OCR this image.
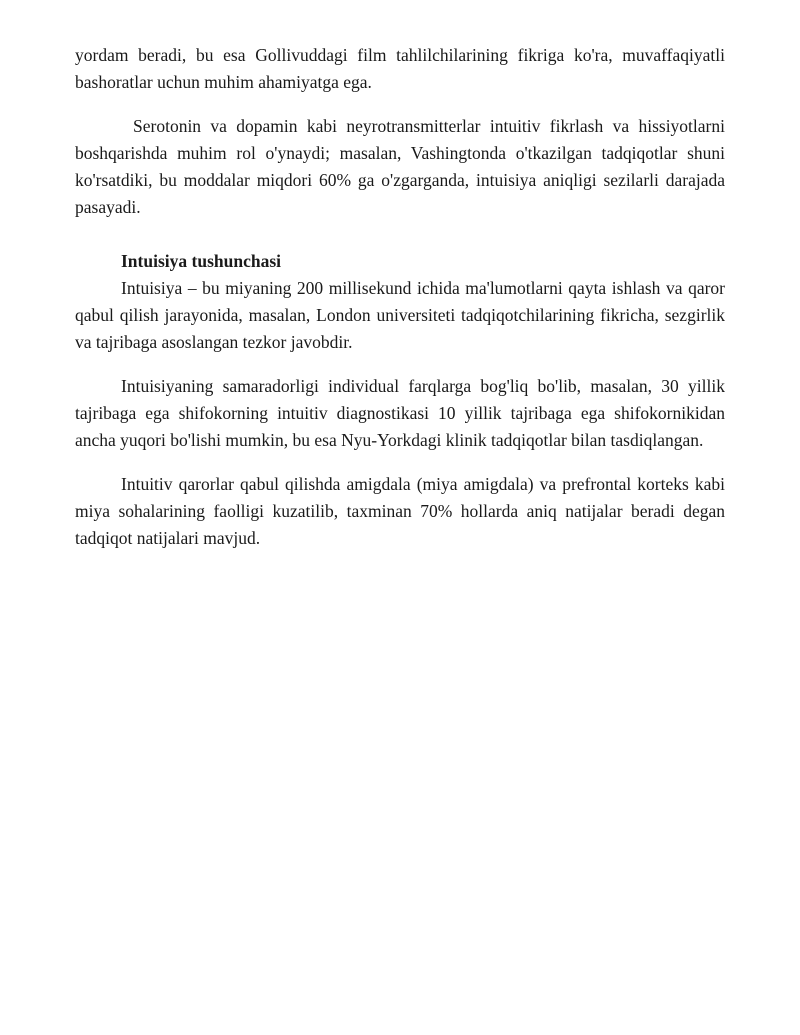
yordam beradi, bu esa Gollivuddagi film tahlilchilarining fikriga ko'ra, muvaffaqiyatli bashoratlar uchun muhim ahamiyatga ega.

Serotonin va dopamin kabi neyrotransmitterlar intuitiv fikrlash va hissiyotlarni boshqarishda muhim rol o'ynaydi; masalan, Vashingtonda o'tkazilgan tadqiqotlar shuni ko'rsatdiki, bu moddalar miqdori 60% ga o'zgarganda, intuisiya aniqligi sezilarli darajada pasayadi.

Intuisiya tushunchasi

Intuisiya – bu miyaning 200 millisekund ichida ma'lumotlarni qayta ishlash va qaror qabul qilish jarayonida, masalan, London universiteti tadqiqotchilarining fikricha, sezgirlik va tajribaga asoslangan tezkor javobdir.

Intuisiyaning samaradorligi individual farqlarga bog'liq bo'lib, masalan, 30 yillik tajribaga ega shifokorning intuitiv diagnostikasi 10 yillik tajribaga ega shifokornikidan ancha yuqori bo'lishi mumkin, bu esa Nyu-Yorkdagi klinik tadqiqotlar bilan tasdiqlangan.

Intuitiv qarorlar qabul qilishda amigdala (miya amigdala) va prefrontal korteks kabi miya sohalarining faolligi kuzatilib, taxminan 70% hollarda aniq natijalar beradi degan tadqiqot natijalari mavjud.
